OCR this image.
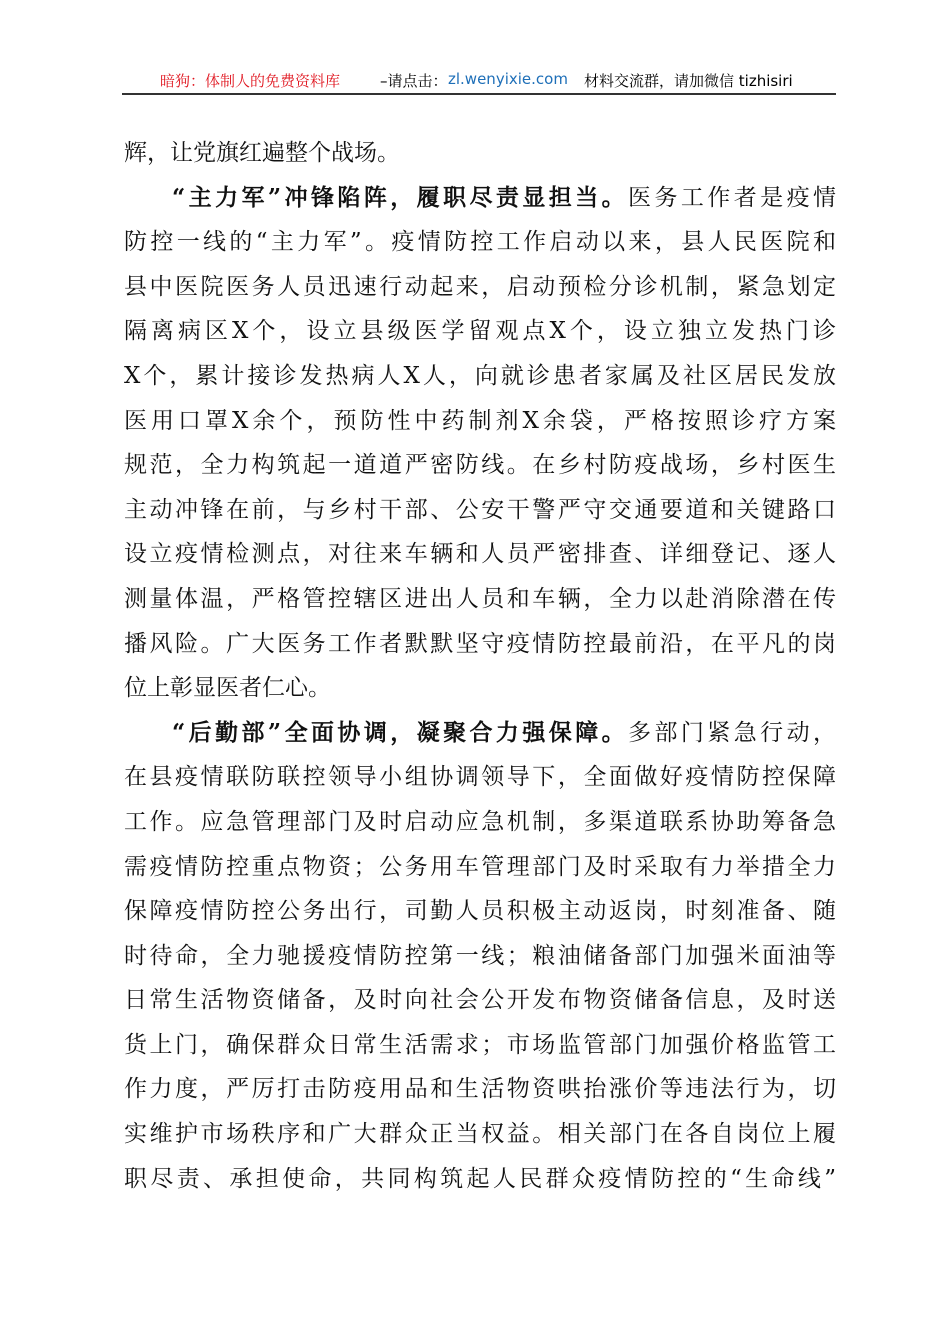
暗狗：体制人的免费资料库	–请点击： zl.wenyixie.com 材料交流群，请加微信 tizhisiri
辉，让党旗红遍整个战场。
“主力军”冲锋陷阵，履职尽责显担当。医务工作者是疫情
防控一线的“主力军”。疫情防控工作启动以来，县人民医院和
县中医院医务人员迅速行动起来，启动预检分诊机制，紧急划定
隔离病区X个，设立县级医学留观点X个，设立独立发热门诊
X个，累计接诊发热病人X人，向就诊患者家属及社区居民发放
医用口罩X余个，预防性中药制剂X余袋，严格按照诊疗方案
规范，全力构筑起一道道严密防线。在乡村防疫战场，乡村医生
主动冲锋在前，与乡村干部、公安干警严守交通要道和关键路口
设立疫情检测点，对往来车辆和人员严密排查、详细登记、逐人
测量体温，严格管控辖区进出人员和车辆，全力以赴消除潜在传
播风险。广大医务工作者默默坚守疫情防控最前沿，在平凡的岗
位上彰显医者仁心。
“后勤部”全面协调，凝聚合力强保障。多部门紧急行动，
在县疫情联防联控领导小组协调领导下，全面做好疫情防控保障
工作。应急管理部门及时启动应急机制，多渠道联系协助筹备急
需疫情防控重点物资；公务用车管理部门及时采取有力举措全力
保障疫情防控公务出行，司勤人员积极主动返岗，时刻准备、随
时待命，全力驰援疫情防控第一线；粮油储备部门加强米面油等
日常生活物资储备，及时向社会公开发布物资储备信息，及时送
货上门，确保群众日常生活需求；市场监管部门加强价格监管工
作力度，严厉打击防疫用品和生活物资哄抬涨价等违法行为，切
实维护市场秩序和广大群众正当权益。相关部门在各自岗位上履
职尽责、承担使命，共同构筑起人民群众疫情防控的“生命线”
